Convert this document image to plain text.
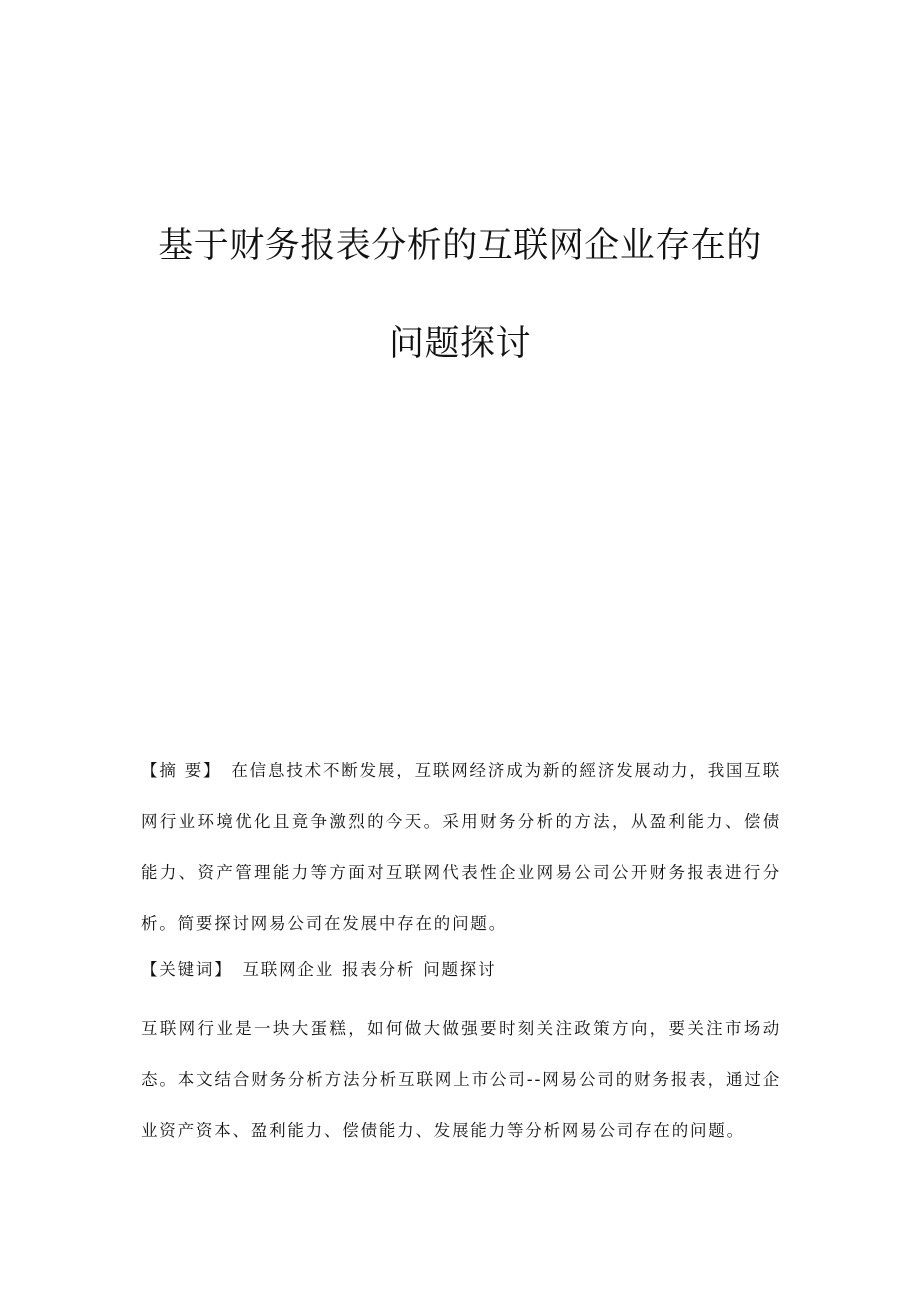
基于财务报表分析的互联网企业存在的
问题探讨
【摘 要】 在信息技术不断发展，互联网经济成为新的經济发展动力，我国互联网行业环境优化且竟争激烈的今天。采用财务分析的方法，从盈利能力、偿债能力、资产管理能力等方面对互联网代表性企业网易公司公开财务报表进行分析。简要探讨网易公司在发展中存在的问题。
【关键词】 互联网企业 报表分析 问题探讨
互联网行业是一块大蛋糕，如何做大做强要时刻关注政策方向，要关注市场动态。本文结合财务分析方法分析互联网上市公司--网易公司的财务报表，通过企业资产资本、盈利能力、偿债能力、发展能力等分析网易公司存在的问题。
